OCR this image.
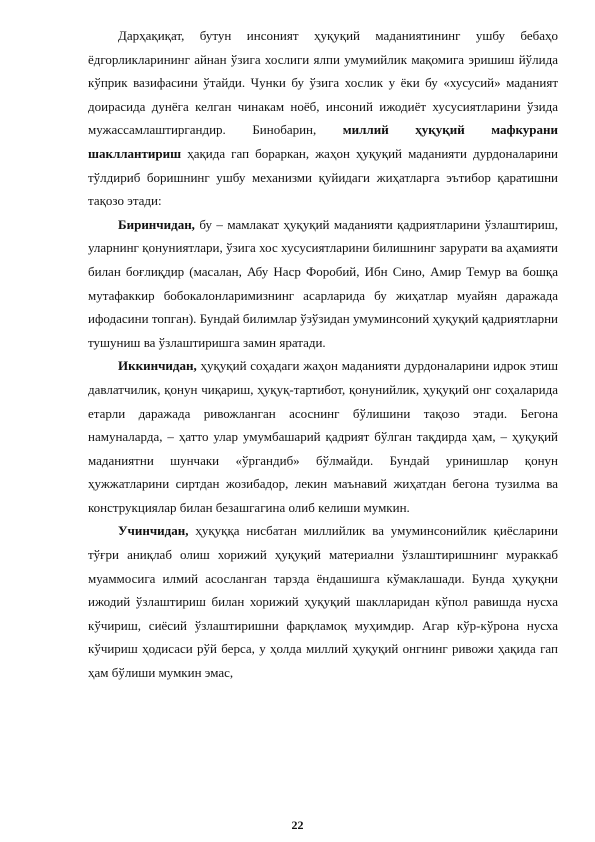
Дарҳақиқат, бутун инсоният ҳуқуқий маданиятининг ушбу бебаҳо ёдгорликларининг айнан ўзига хослиги ялпи умумийлик мақомига эришиш йўлида кўприк вазифасини ўтайди. Чунки бу ўзига хослик у ёки бу «хусусий» маданият доирасида дунёга келган чинакам ноёб, инсоний ижодиёт хусусиятларини ўзида мужассамлаштиргандир. Бинобарин, миллий ҳуқуқий мафкурани шакллантириш ҳақида гап бораркан, жаҳон ҳуқуқий маданияти дурдоналарини тўлдириб боришнинг ушбу механизми қуйидаги жиҳатларга эътибор қаратишни тақозо этади:

Биринчидан, бу – мамлакат ҳуқуқий маданияти қадриятларини ўзлаштириш, уларнинг қонуниятлари, ўзига хос хусусиятларини билишнинг зарурати ва аҳамияти билан боғлиқдир (масалан, Абу Наср Форобий, Ибн Сино, Амир Темур ва бошқа мутафаккир бобокалонларимизнинг асарларида бу жиҳатлар муайян даражада ифодасини топган). Бундай билимлар ўзўзидан умуминсоний ҳуқуқий қадриятларни тушуниш ва ўзлаштиришга замин яратади.

Иккинчидан, ҳуқуқий соҳадаги жаҳон маданияти дурдоналарини идрок этиш давлатчилик, қонун чиқариш, ҳуқуқ-тартибот, қонунийлик, ҳуқуқий онг соҳаларида етарли даражада ривожланган асоснинг бўлишини тақозо этади. Бегона намуналарда, – ҳатто улар умумбашарий қадрият бўлган тақдирда ҳам, – ҳуқуқий маданиятни шунчаки «ўргандиб» бўлмайди. Бундай уринишлар қонун ҳужжатларини сиртдан жозибадор, лекин маънавий жиҳатдан бегона тузилма ва конструкциялар билан безашгагина олиб келиши мумкин.

Учинчидан, ҳуқуққа нисбатан миллийлик ва умуминсонийлик қиёсларини тўғри аниқлаб олиш хорижий ҳуқуқий материални ўзлаштиришнинг мураккаб муаммосига илмий асосланган тарзда ёндашишга кўмаклашади. Бунда ҳуқуқни ижодий ўзлаштириш билан хорижий ҳуқуқий шаклларидан кўпол равишда нусха кўчириш, сиёсий ўзлаштиришни фарқламоқ муҳимдир. Агар кўр-кўрона нусха кўчириш ҳодисаси рўй берса, у ҳолда миллий ҳуқуқий онгнинг ривожи ҳақида гап ҳам бўлиши мумкин эмас,

22
